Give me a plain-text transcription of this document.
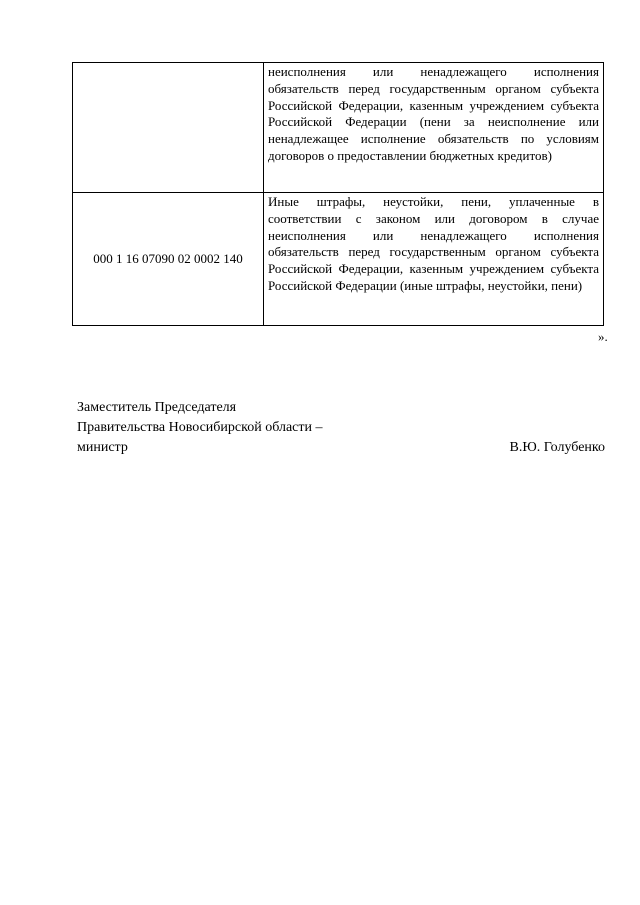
	неисполнения или ненадлежащего исполнения обязательств перед государственным органом субъекта Российской Федерации, казенным учреждением субъекта Российской Федерации (пени за неисполнение или ненадлежащее исполнение обязательств по условиям договоров о предоставлении бюджетных кредитов)
000 1 16 07090 02 0002 140	Иные штрафы, неустойки, пени, уплаченные в соответствии с законом или договором в случае неисполнения или ненадлежащего исполнения обязательств перед государственным органом субъекта Российской Федерации, казенным учреждением субъекта Российской Федерации (иные штрафы, неустойки, пени)
».
Заместитель Председателя
Правительства Новосибирской области –
министр	В.Ю. Голубенко
